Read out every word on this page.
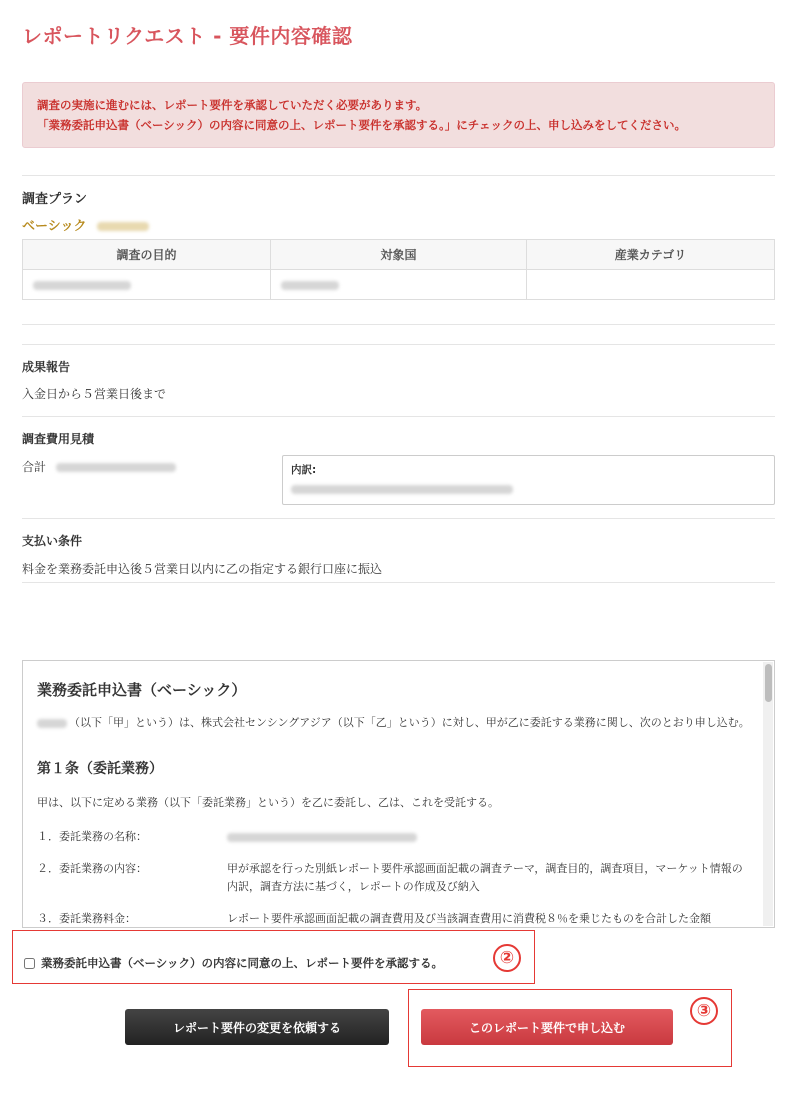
レポートリクエスト - 要件内容確認
調査の実施に進むには、レポート要件を承認していただく必要があります。
「業務委託申込書（ベーシック）の内容に同意の上、レポート要件を承認する。」にチェックの上、申し込みをしてください。
調査プラン
ベーシック
調査の目的	対象国	産業カテゴリ

成果報告
入金日から５営業日後まで
調査費用見積
合計	内訳:
支払い条件
料金を業務委託申込後５営業日以内に乙の指定する銀行口座に振込
業務委託申込書（ベーシック）
（以下「甲」という）は、株式会社センシングアジア（以下「乙」という）に対し、甲が乙に委託する業務に関し、次のとおり申し込む。
第１条（委託業務）
甲は、以下に定める業務（以下「委託業務」という）を乙に委託し、乙は、これを受託する。
１．委託業務の名称：
２．委託業務の内容：	甲が承認を行った別紙レポート要件承認画面記載の調査テーマ，調査目的，調査項目，マーケット情報の内訳，調査方法に基づく，レポートの作成及び納入
３．委託業務料金：	レポート要件承認画面記載の調査費用及び当該調査費用に消費税８％を乗じたものを合計した金額
業務委託申込書（ベーシック）の内容に同意の上、レポート要件を承認する。	②
レポート要件の変更を依頼する	このレポート要件で申し込む
③
